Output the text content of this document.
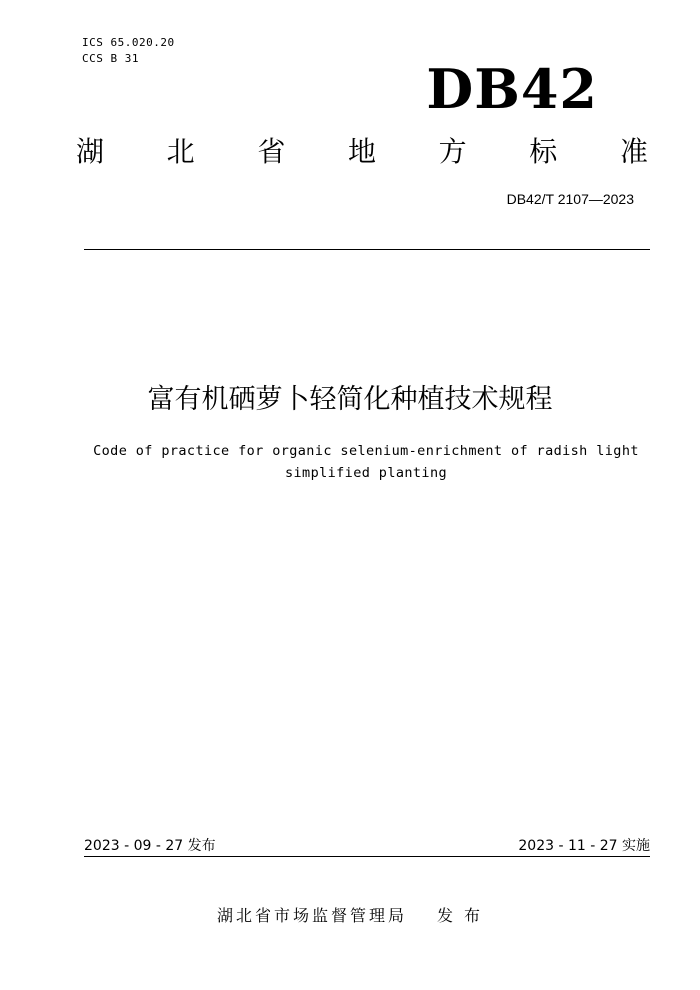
ICS 65.020.20
CCS B 31	DB42
湖 北 省 地 方 标 准
DB42/T 2107—2023
富有机硒萝卜轻简化种植技术规程
Code of practice for organic selenium-enrichment of radish light
simplified planting
2023 - 09 - 27 发布	2023 - 11 - 27 实施
湖北省市场监督管理局 发 布
